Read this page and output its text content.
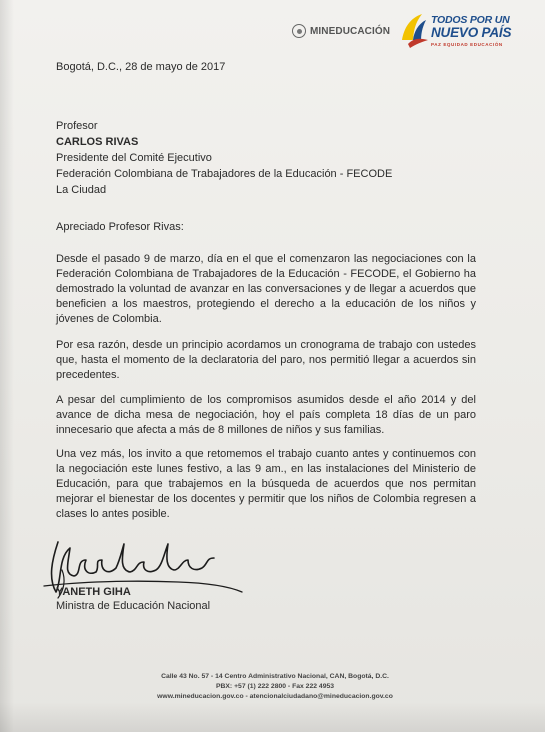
MINEDUCACIÓN
TODOS POR UN
NUEVO PAÍS
PAZ EQUIDAD EDUCACIÓN

Bogotá, D.C., 28 de mayo de 2017

Profesor
CARLOS RIVAS
Presidente del Comité Ejecutivo
Federación Colombiana de Trabajadores de la Educación - FECODE
La Ciudad

Apreciado Profesor Rivas:

Desde el pasado 9 de marzo, día en el que el comenzaron las negociaciones con la Federación Colombiana de Trabajadores de la Educación - FECODE, el Gobierno ha demostrado la voluntad de avanzar en las conversaciones y de llegar a acuerdos que beneficien a los maestros, protegiendo el derecho a la educación de los niños y jóvenes de Colombia.

Por esa razón, desde un principio acordamos un cronograma de trabajo con ustedes que, hasta el momento de la declaratoria del paro, nos permitió llegar a acuerdos sin precedentes.

A pesar del cumplimiento de los compromisos asumidos desde el año 2014 y del avance de dicha mesa de negociación, hoy el país completa 18 días de un paro innecesario que afecta a más de 8 millones de niños y sus familias.

Una vez más, los invito a que retomemos el trabajo cuanto antes y continuemos con la negociación este lunes festivo, a las 9 am., en las instalaciones del Ministerio de Educación, para que trabajemos en la búsqueda de acuerdos que nos permitan mejorar el bienestar de los docentes y permitir que los niños de Colombia regresen a clases lo antes posible.

YANETH GIHA
Ministra de Educación Nacional
Calle 43 No. 57 - 14 Centro Administrativo Nacional, CAN, Bogotá, D.C.
PBX: +57 (1) 222 2800 - Fax 222 4953
www.mineducacion.gov.co - atencionalciudadano@mineducacion.gov.co
